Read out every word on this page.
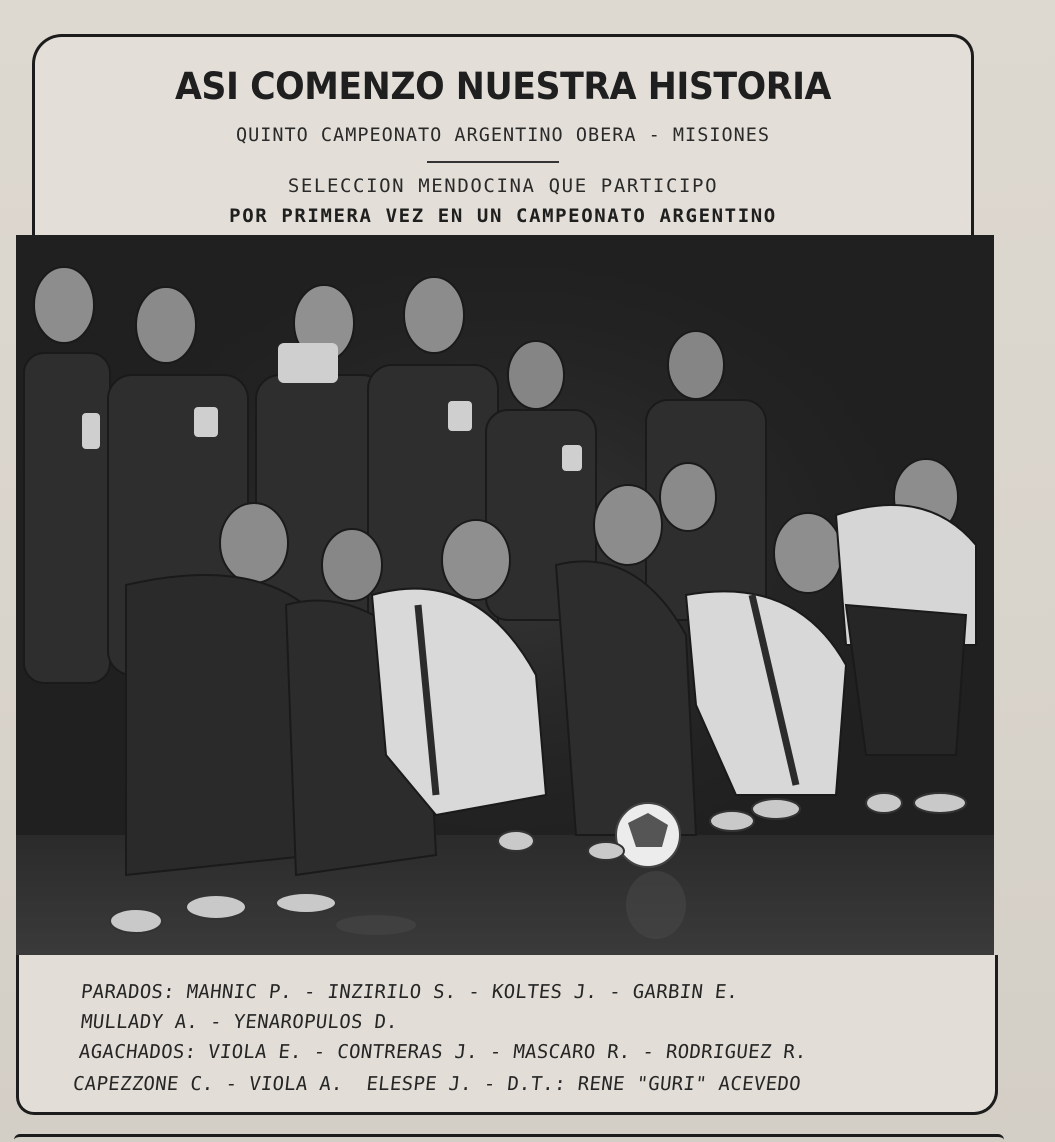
ASI COMENZO NUESTRA HISTORIA
QUINTO CAMPEONATO ARGENTINO OBERA - MISIONES
SELECCION MENDOCINA QUE PARTICIPO
POR PRIMERA VEZ EN UN CAMPEONATO ARGENTINO
PARADOS: MAHNIC P. - INZIRILO S. - KOLTES J. - GARBIN E.
MULLADY A. - YENAROPULOS D.
AGACHADOS: VIOLA E. - CONTRERAS J. - MASCARO R. - RODRIGUEZ R.
CAPEZZONE C. - VIOLA A.  ELESPE J. - D.T.: RENE "GURI" ACEVEDO
